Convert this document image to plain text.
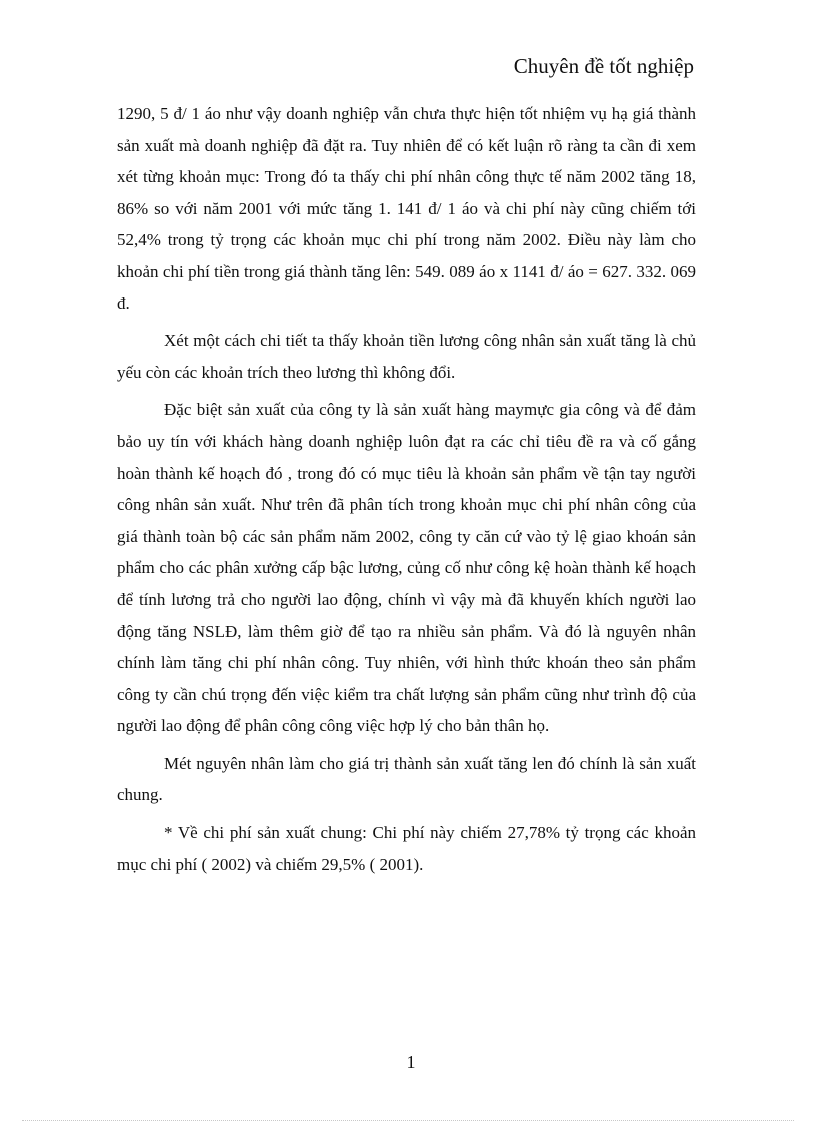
Chuyên đề tốt nghiệp

1290, 5 đ/ 1 áo như vậy doanh nghiệp vẫn chưa thực hiện tốt nhiệm vụ hạ giá thành sản xuất mà doanh nghiệp đã đặt ra. Tuy nhiên để có kết luận rõ ràng ta cần đi xem xét từng khoản mục: Trong đó ta thấy chi phí nhân công thực tế năm 2002 tăng 18, 86% so với năm 2001 với mức tăng 1. 141 đ/ 1 áo và chi phí này cũng chiếm tới 52,4% trong tỷ trọng các khoản mục chi phí trong năm 2002. Điều này làm cho khoản chi phí tiền trong giá thành tăng lên: 549. 089 áo x 1141 đ/ áo = 627. 332. 069 đ.

Xét một cách chi tiết ta thấy khoản tiền lương công nhân sản xuất tăng là chủ yếu còn các khoản trích theo lương thì không đổi.

Đặc biệt sản xuất của công ty là sản xuất hàng maymực gia công và để đảm bảo uy tín với khách hàng doanh nghiệp luôn đạt ra các chỉ tiêu đề ra và cố gắng hoàn thành kế hoạch đó , trong đó có mục tiêu là khoản sản phẩm về tận tay người công nhân sản xuất. Như trên đã phân tích trong khoản mục chi phí nhân công của giá thành toàn bộ các sản phẩm năm 2002, công ty căn cứ vào tỷ lệ giao khoán sản phẩm cho các phân xưởng cấp bậc lương, củng cố như công kệ hoàn thành kế hoạch để tính lương trả cho người lao động, chính vì vậy mà đã khuyến khích người lao động tăng NSLĐ, làm thêm giờ để tạo ra nhiều sản phẩm. Và đó là nguyên nhân chính làm tăng chi phí nhân công. Tuy nhiên, với hình thức khoán theo sản phẩm công ty cần chú trọng đến việc kiểm tra chất lượng sản phẩm cũng như trình độ của người lao động để phân công công việc hợp lý cho bản thân họ.

Mét nguyên nhân làm cho giá trị thành sản xuất tăng len đó chính là sản xuất chung.

* Về chi phí sản xuất chung: Chi phí này chiếm 27,78% tỷ trọng các khoản mục chi phí ( 2002) và chiếm 29,5% ( 2001).

1
